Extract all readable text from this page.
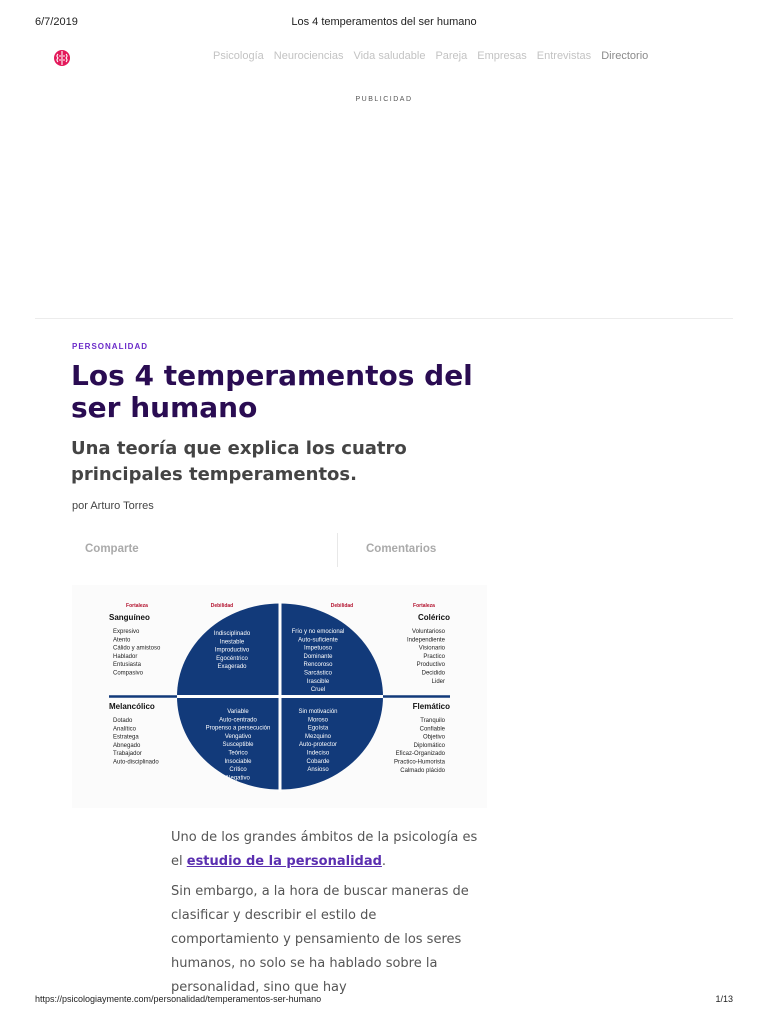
6/7/2019	Los 4 temperamentos del ser humano
Psicología Neurociencias Vida saludable Pareja Empresas Entrevistas Directorio
PUBLICIDAD
PERSONALIDAD
Los 4 temperamentos del ser humano
Una teoría que explica los cuatro principales temperamentos.
por Arturo Torres
Comparte	Comentarios
Fortaleza	Debilidad	Debilidad	Fortaleza
Sanguíneo	Colérico
Melancólico	Flemático
Expresivo
Atento
Cálido y amistoso
Hablador
Entusiasta
Compasivo
Indisciplinado
Inestable
Improductivo
Egocéntrico
Exagerado
Frío y no emocional
Auto-suficiente
Impetuoso
Dominante
Rencoroso
Sarcástico
Irascible
Cruel
Voluntarioso
Independiente
Visionario
Practico
Productivo
Decidido
Lider
Dotado
Analítico
Estratega
Abnegado
Trabajador
Auto-disciplinado
Variable
Auto-centrado
Propenso a persecución
Vengativo
Susceptible
Teórico
Insociable
Crítico
Negativo
Sin motivación
Moroso
Egoísta
Mezquino
Auto-protector
Indeciso
Cobarde
Ansioso
Tranquilo
Confiable
Objetivo
Diplomático
Eficaz-Organizado
Practico-Humorista
Calmado plácido

Uno de los grandes ámbitos de la psicología es el estudio de la personalidad.

Sin embargo, a la hora de buscar maneras de clasificar y describir el estilo de comportamiento y pensamiento de los seres humanos, no solo se ha hablado sobre la personalidad, sino que hay

https://psicologiaymente.com/personalidad/temperamentos-ser-humano	1/13
